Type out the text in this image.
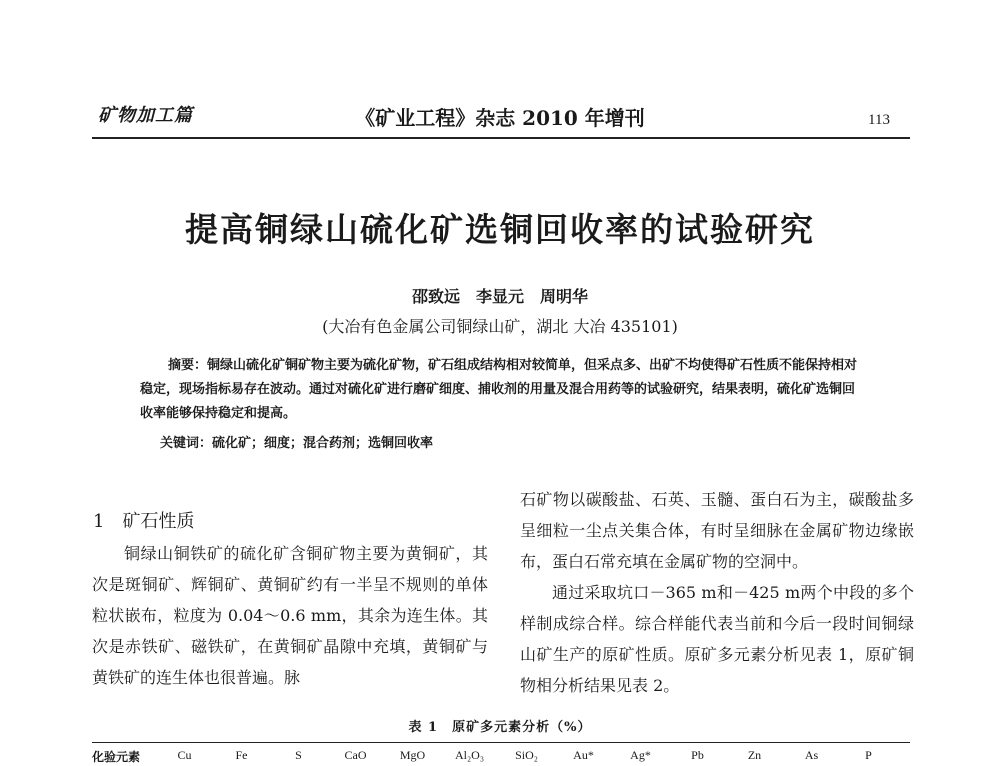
矿物加工篇	《矿业工程》杂志 2010 年增刊	113
提高铜绿山硫化矿选铜回收率的试验研究
邵致远　李显元　周明华
(大冶有色金属公司铜绿山矿，湖北 大冶 435101)
摘要：铜绿山硫化矿铜矿物主要为硫化矿物，矿石组成结构相对较简单，但采点多、出矿不均使得矿石性质不能保持相对稳定，现场指标易存在波动。通过对硫化矿进行磨矿细度、捕收剂的用量及混合用药等的试验研究，结果表明，硫化矿选铜回收率能够保持稳定和提高。
关键词：硫化矿；细度；混合药剂；选铜回收率
1　矿石性质

铜绿山铜铁矿的硫化矿含铜矿物主要为黄铜矿，其次是斑铜矿、辉铜矿、黄铜矿约有一半呈不规则的单体粒状嵌布，粒度为 0.04～0.6 mm，其余为连生体。其次是赤铁矿、磁铁矿，在黄铜矿晶隙中充填，黄铜矿与黄铁矿的连生体也很普遍。脉

石矿物以碳酸盐、石英、玉髓、蛋白石为主，碳酸盐多呈细粒一尘点关集合体，有时呈细脉在金属矿物边缘嵌布，蛋白石常充填在金属矿物的空洞中。

通过采取坑口－365 m和－425 m两个中段的多个样制成综合样。综合样能代表当前和今后一段时间铜绿山矿生产的原矿性质。原矿多元素分析见表 1，原矿铜物相分析结果见表 2。

表 1　原矿多元素分析（%）
化验元素	Cu	Fe	S	CaO	MgO	Al₂O₃	SiO₂	Au*	Ag*	Pb	Zn	As	P
